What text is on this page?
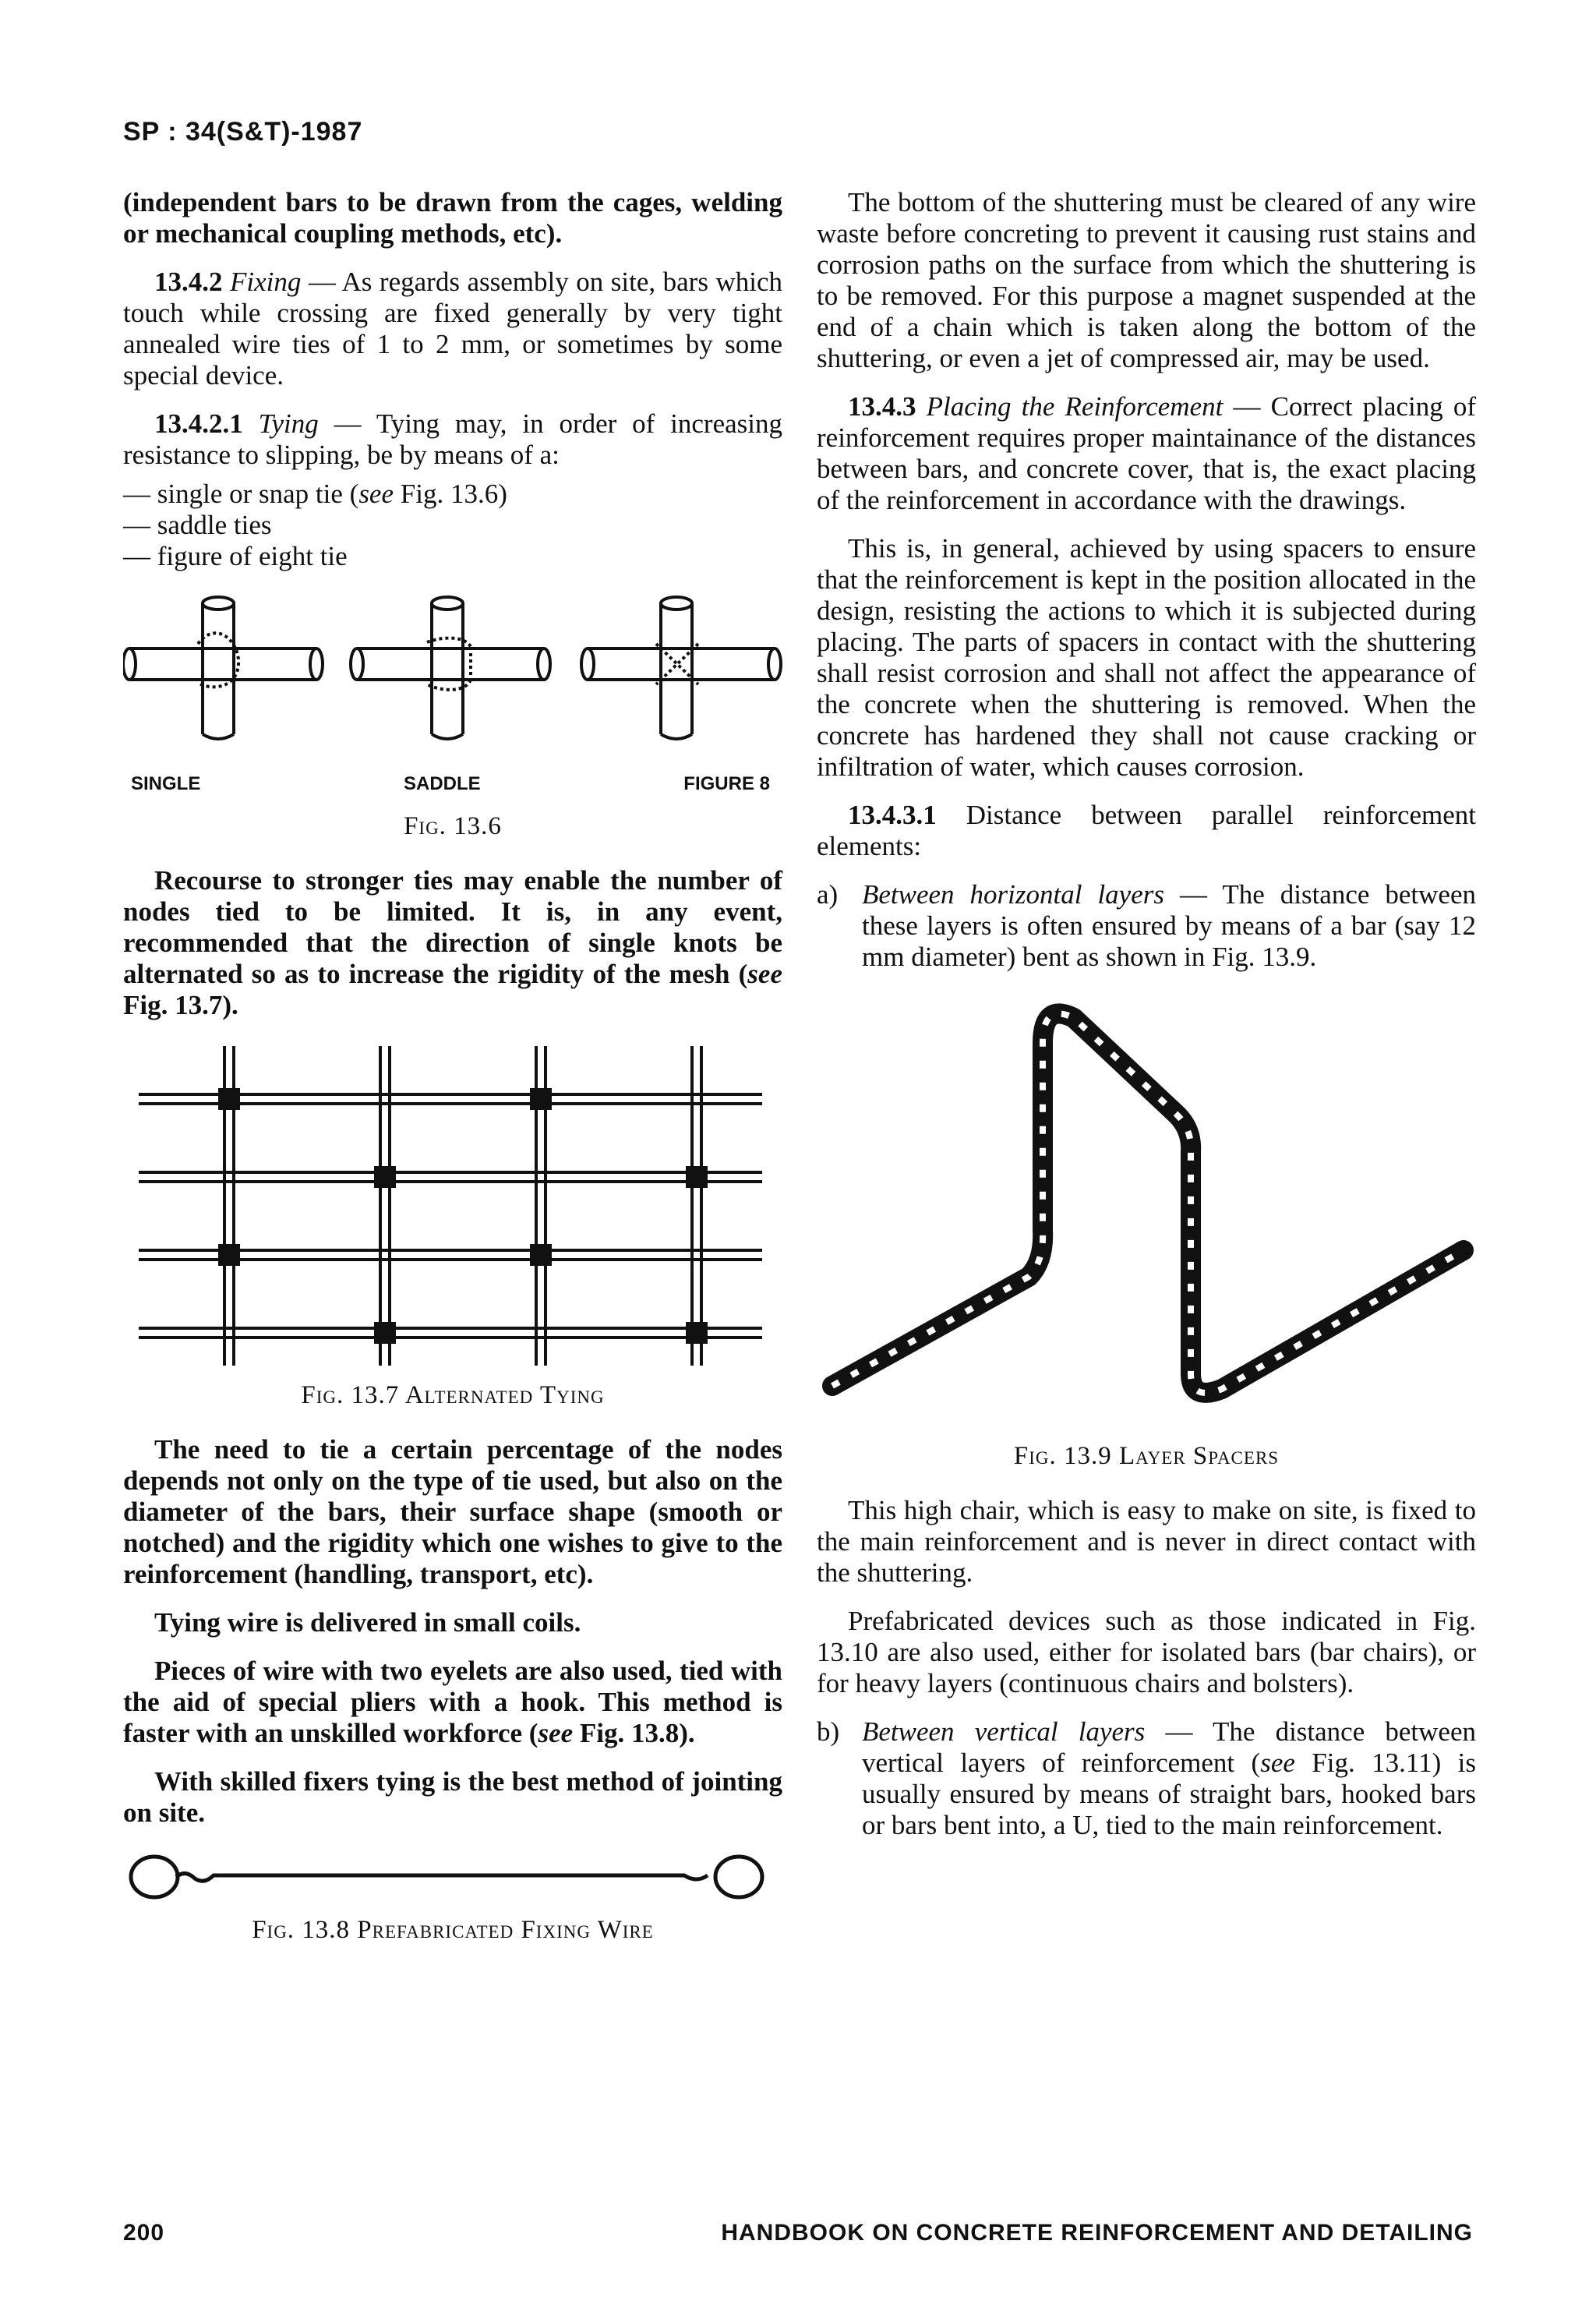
SP : 34(S&T)-1987

(independent bars to be drawn from the cages, welding or mechanical coupling methods, etc).

13.4.2 Fixing — As regards assembly on site, bars which touch while crossing are fixed generally by very tight annealed wire ties of 1 to 2 mm, or sometimes by some special device.

13.4.2.1 Tying — Tying may, in order of increasing resistance to slipping, be by means of a:

— single or snap tie (see Fig. 13.6)
— saddle ties
— figure of eight tie
SINGLE	SADDLE	FIGURE 8
Fig. 13.6

Recourse to stronger ties may enable the number of nodes tied to be limited. It is, in any event, recommended that the direction of single knots be alternated so as to increase the rigidity of the mesh (see Fig. 13.7).

Fig. 13.7 Alternated Tying

The need to tie a certain percentage of the nodes depends not only on the type of tie used, but also on the diameter of the bars, their surface shape (smooth or notched) and the rigidity which one wishes to give to the reinforcement (handling, transport, etc).

Tying wire is delivered in small coils.

Pieces of wire with two eyelets are also used, tied with the aid of special pliers with a hook. This method is faster with an unskilled workforce (see Fig. 13.8).

With skilled fixers tying is the best method of jointing on site.

Fig. 13.8 Prefabricated Fixing Wire

The bottom of the shuttering must be cleared of any wire waste before concreting to prevent it causing rust stains and corrosion paths on the surface from which the shuttering is to be removed. For this purpose a magnet suspended at the end of a chain which is taken along the bottom of the shuttering, or even a jet of compressed air, may be used.

13.4.3 Placing the Reinforcement — Correct placing of reinforcement requires proper maintainance of the distances between bars, and concrete cover, that is, the exact placing of the reinforcement in accordance with the drawings.

This is, in general, achieved by using spacers to ensure that the reinforcement is kept in the position allocated in the design, resisting the actions to which it is subjected during placing. The parts of spacers in contact with the shuttering shall resist corrosion and shall not affect the appearance of the concrete when the shuttering is removed. When the concrete has hardened they shall not cause cracking or infiltration of water, which causes corrosion.

13.4.3.1 Distance between parallel reinforcement elements:

a) Between horizontal layers — The distance between these layers is often ensured by means of a bar (say 12 mm diameter) bent as shown in Fig. 13.9.
Fig. 13.9 Layer Spacers

This high chair, which is easy to make on site, is fixed to the main reinforcement and is never in direct contact with the shuttering.

Prefabricated devices such as those indicated in Fig. 13.10 are also used, either for isolated bars (bar chairs), or for heavy layers (continuous chairs and bolsters).

b) Between vertical layers — The distance between vertical layers of reinforcement (see Fig. 13.11) is usually ensured by means of straight bars, hooked bars or bars bent into, a U, tied to the main reinforcement.
200	HANDBOOK ON CONCRETE REINFORCEMENT AND DETAILING
